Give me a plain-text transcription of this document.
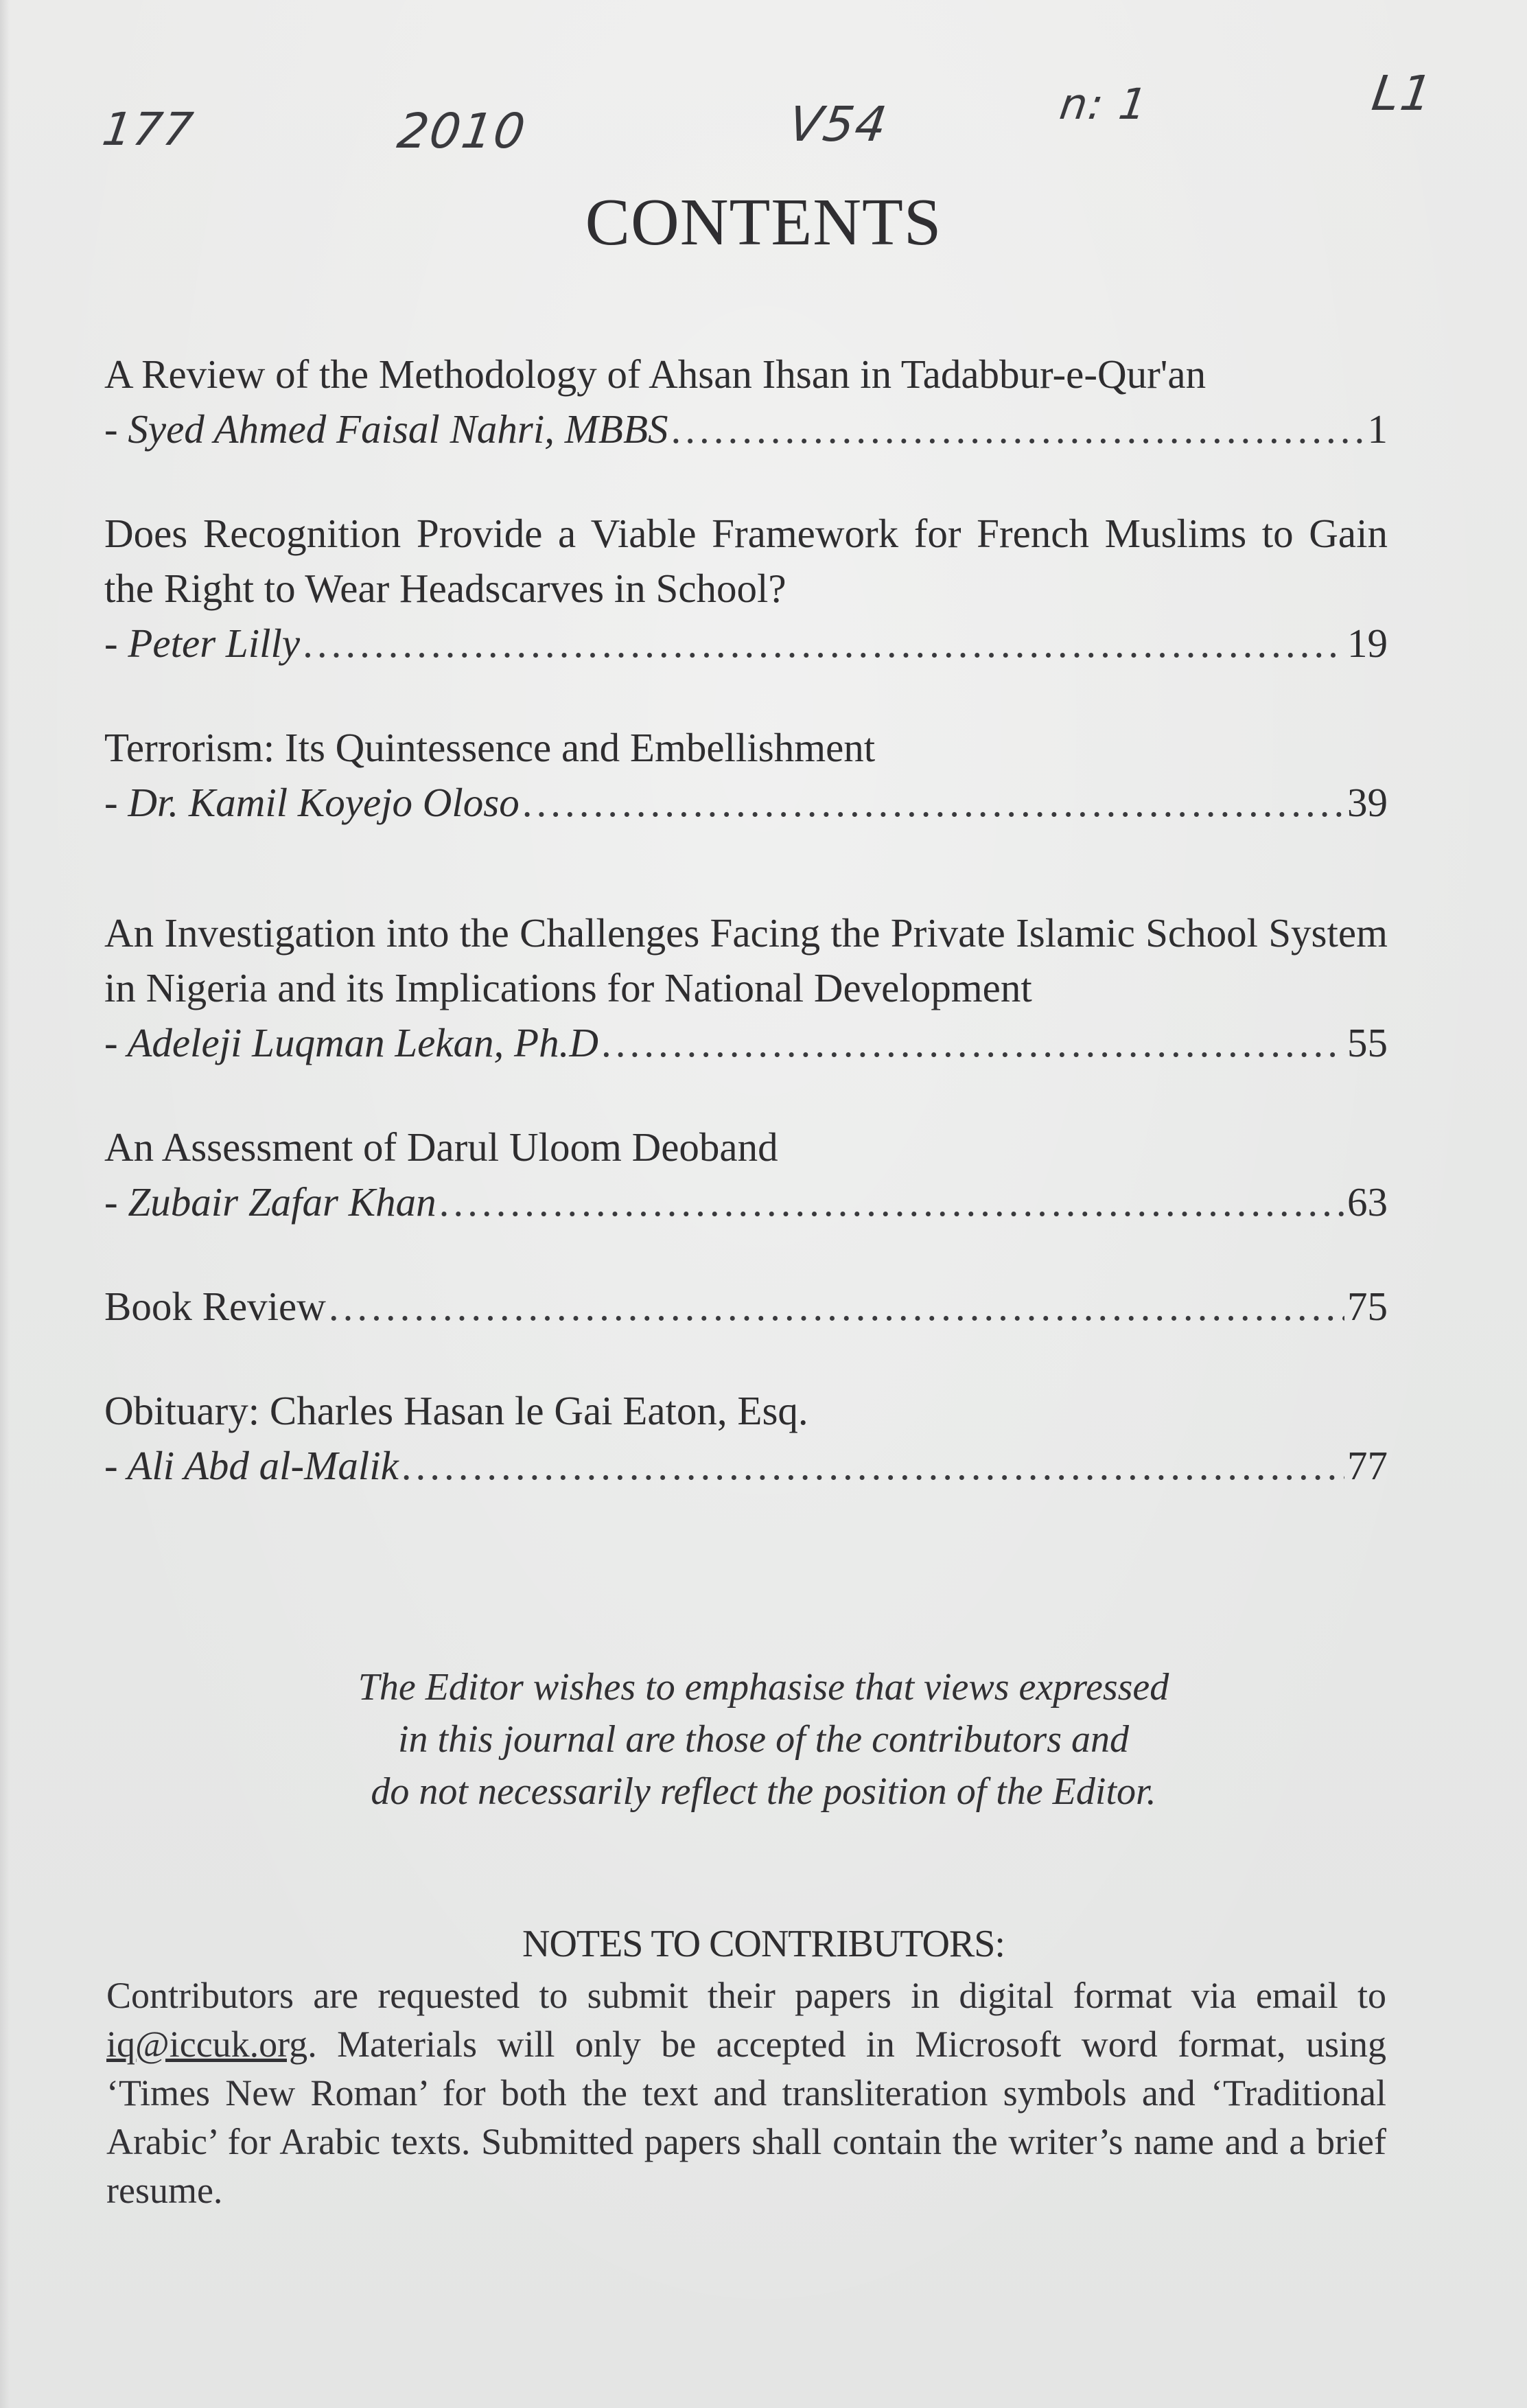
177	2010	V54	n: 1	L1
CONTENTS
A Review of the Methodology of Ahsan Ihsan in Tadabbur-e-Qur'an
- Syed Ahmed Faisal Nahri, MBBS .....	1
Does Recognition Provide a Viable Framework for French Muslims to Gain the Right to Wear Headscarves in School?
- Peter Lilly .....	19
Terrorism: Its Quintessence and Embellishment
- Dr. Kamil Koyejo Oloso .....	39
An Investigation into the Challenges Facing the Private Islamic School System in Nigeria and its Implications for National Development
- Adeleji Luqman Lekan, Ph.D .....	55
An Assessment of Darul Uloom Deoband
- Zubair Zafar Khan .....	63
Book Review .....	75
Obituary: Charles Hasan le Gai Eaton, Esq.
- Ali Abd al-Malik .....	77
The Editor wishes to emphasise that views expressed
in this journal are those of the contributors and
do not necessarily reflect the position of the Editor.
NOTES TO CONTRIBUTORS:
Contributors are requested to submit their papers in digital format via email to iq@iccuk.org. Materials will only be accepted in Microsoft word format, using ‘Times New Roman’ for both the text and transliteration symbols and ‘Traditional Arabic’ for Arabic texts. Submitted papers shall contain the writer’s name and a brief resume.
